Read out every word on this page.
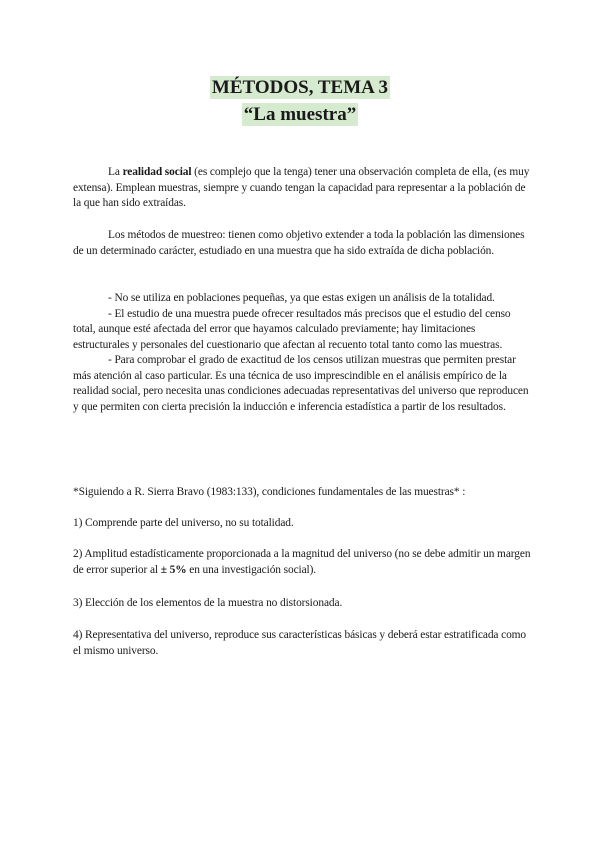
MÉTODOS, TEMA 3
“La muestra”

La realidad social (es complejo que la tenga) tener una observación completa de ella, (es muy extensa). Emplean muestras, siempre y cuando tengan la capacidad para representar a la población de la que han sido extraídas.

Los métodos de muestreo: tienen como objetivo extender a toda la población las dimensiones de un determinado carácter, estudiado en una muestra que ha sido extraída de dicha población.

- No se utiliza en poblaciones pequeñas, ya que estas exigen un análisis de la totalidad.

- El estudio de una muestra puede ofrecer resultados más precisos que el estudio del censo total, aunque esté afectada del error que hayamos calculado previamente; hay limitaciones estructurales y personales del cuestionario que afectan al recuento total tanto como las muestras.

- Para comprobar el grado de exactitud de los censos utilizan muestras que permiten prestar más atención al caso particular. Es una técnica de uso imprescindible en el análisis empírico de la realidad social, pero necesita unas condiciones adecuadas representativas del universo que reproducen y que permiten con cierta precisión la inducción e inferencia estadística a partir de los resultados.

*Siguiendo a R. Sierra Bravo (1983:133), condiciones fundamentales de las muestras* :

1) Comprende parte del universo, no su totalidad.

2) Amplitud estadísticamente proporcionada a la magnitud del universo (no se debe admitir un margen de error superior al ± 5% en una investigación social).

3) Elección de los elementos de la muestra no distorsionada.

4) Representativa del universo, reproduce sus características básicas y deberá estar estratificada como el mismo universo.
